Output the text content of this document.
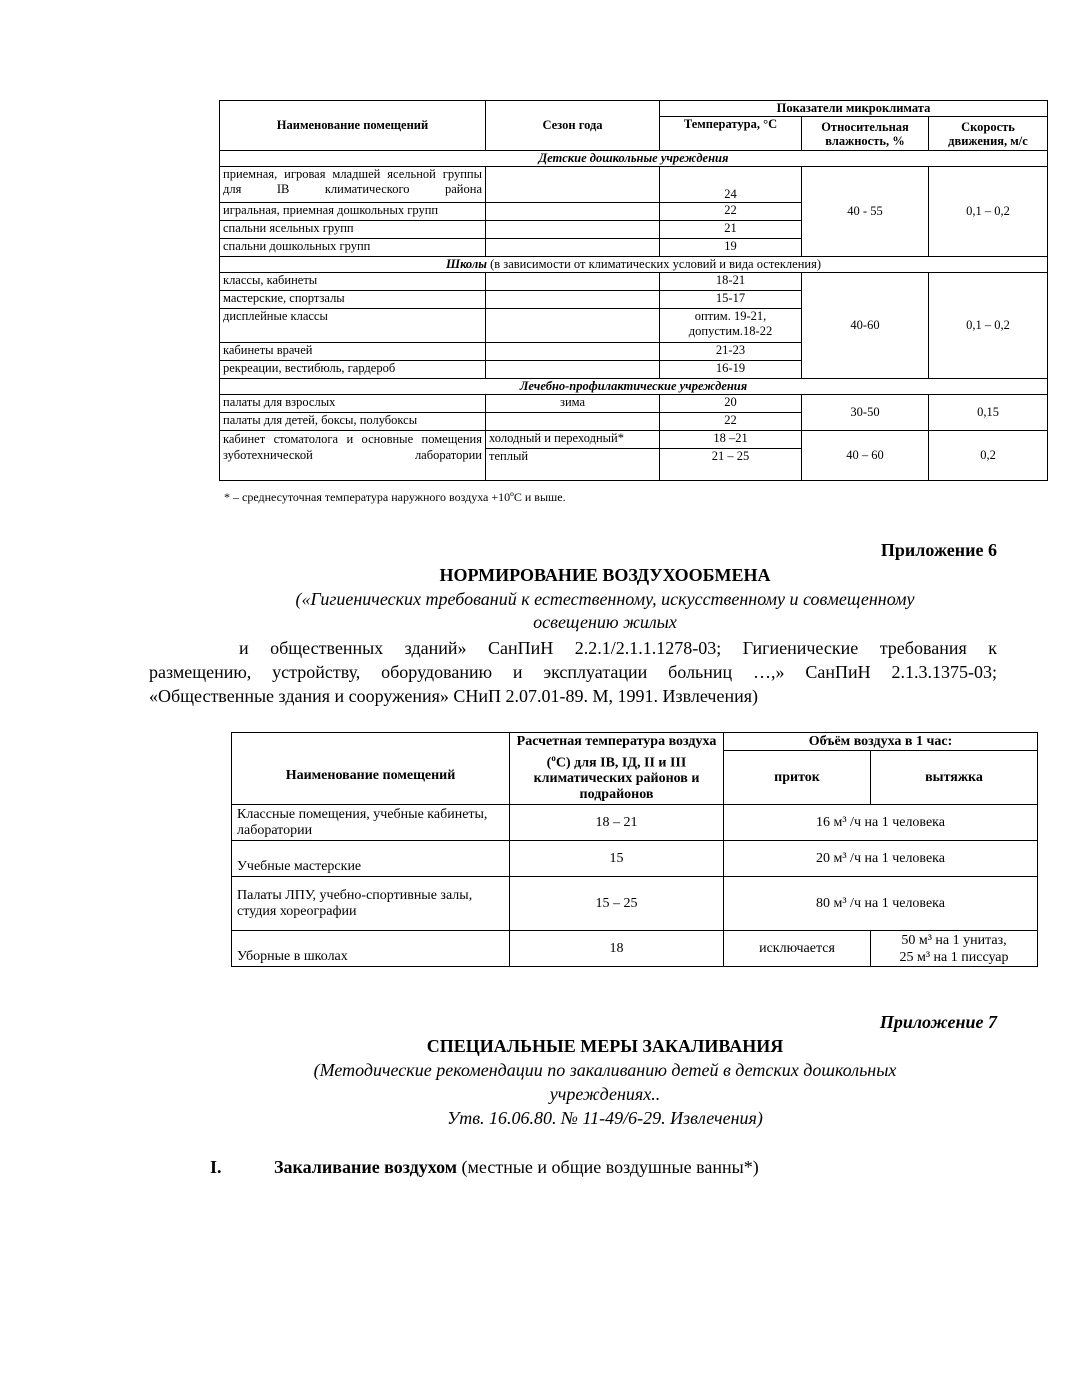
Наименование помещений	Сезон года	Показатели микроклимата		
		Температура, °С	Относительная влажность, %	Скорость движения, м/с
Детские дошкольные учреждения				

приемная, игровая младшей ясельной группы для IВ климатического района		24	40 - 55	0,1 – 0,2
игральная, приемная дошкольных групп		22		
спальни ясельных групп		21		
спальни дошкольных групп		19		
Школы (в зависимости от климатических условий и вида остекления)				
классы, кабинеты		18-21	40-60	0,1 – 0,2
мастерские, спортзалы		15-17		
дисплейные классы		оптим. 19-21, допустим.18-22		
кабинеты врачей		21-23		
рекреации, вестибюль, гардероб		16-19		
Лечебно-профилактические учреждения				
палаты для взрослых	зима	20	30-50	0,15
палаты для детей, боксы, полубоксы		22		

кабинет стоматолога и основные помещения зуботехнической лаборатории	холодный и переходный*	18 –21	40 – 60	0,2
	теплый	21 – 25		
* – среднесуточная температура наружного воздуха +10ºС и выше.
Приложение 6
НОРМИРОВАНИЕ ВОЗДУХООБМЕНА
(«Гигиенических требований к естественному, искусственному и совмещенному
освещению жилых
и общественных зданий» СанПиН 2.2.1/2.1.1.1278-03; Гигиенические требования к
размещению, устройству, оборудованию и эксплуатации больниц …,» СанПиН 2.1.3.1375-03;
«Общественные здания и сооружения» СНиП 2.07.01-89. М, 1991. Извлечения)
Наименование помещений	Расчетная температура воздуха ($^о$С) для IВ, IД, II и III климатических районов и подрайонов	Объём воздуха в 1 час:	
		приток	вытяжка
Классные помещения, учебные кабинеты, лаборатории	18 – 21	16 м³ /ч на 1 человека	
Учебные мастерские	15	20 м³ /ч на 1 человека	
Палаты ЛПУ, учебно-спортивные залы, студия хореографии	15 – 25	80 м³ /ч на 1 человека	
Уборные в школах	18	исключается	50 м³ на 1 унитаз,
25 м³ на 1 писсуар
Приложение 7
СПЕЦИАЛЬНЫЕ МЕРЫ ЗАКАЛИВАНИЯ
(Методические рекомендации по закаливанию детей в детских дошкольных
учреждениях..
Утв. 16.06.80. № 11-49/6-29. Извлечения)
I.	Закаливание воздухом (местные и общие воздушные ванны*)
